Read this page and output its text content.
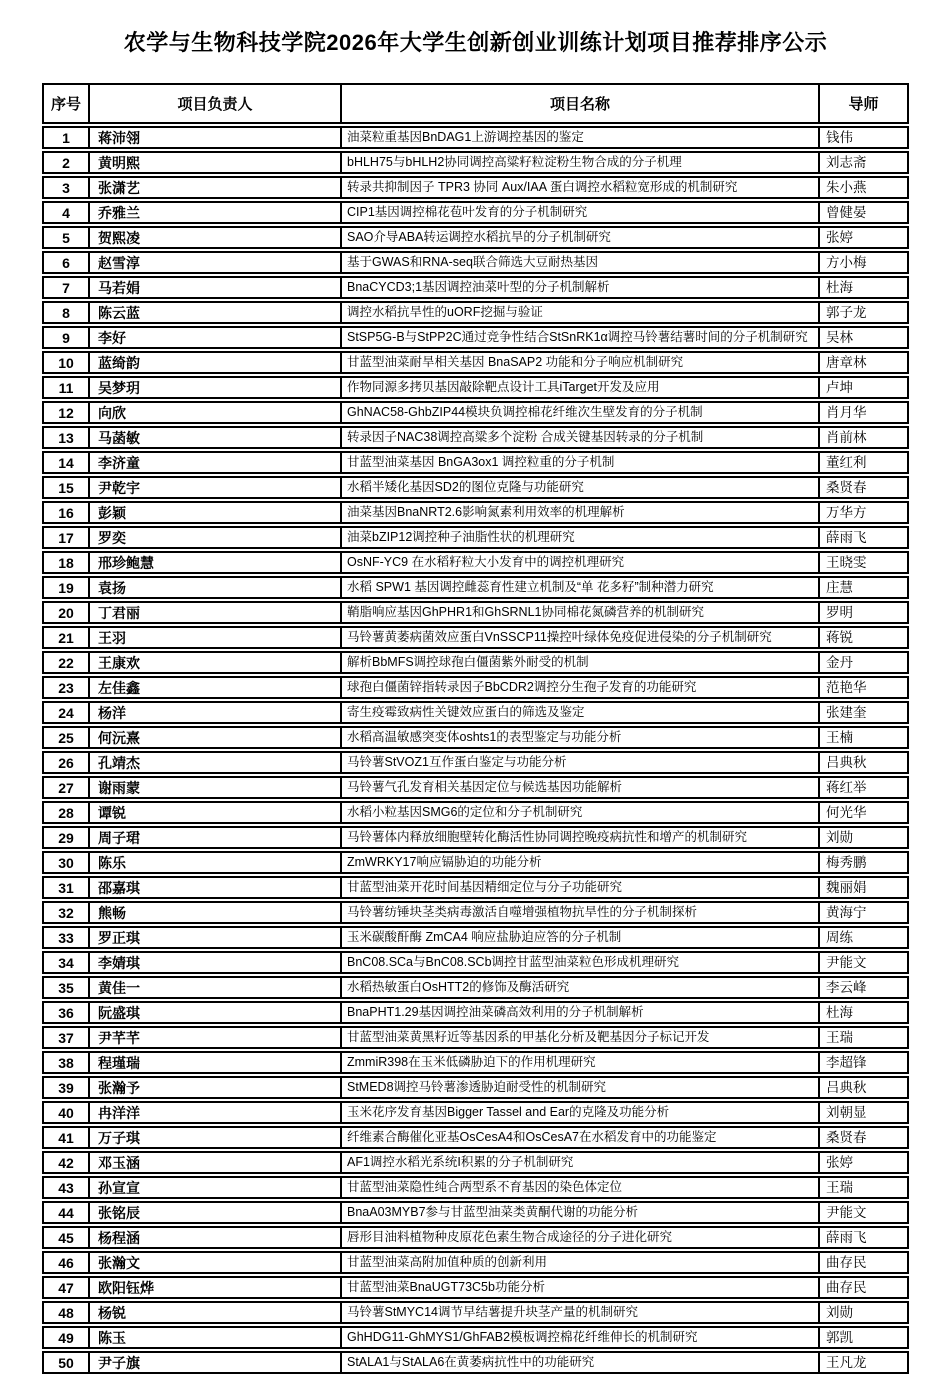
农学与生物科技学院2026年大学生创新创业训练计划项目推荐排序公示
序号	项目负责人	项目名称	导师
1	蒋沛翎	油菜粒重基因BnDAG1上游调控基因的鉴定	钱伟
2	黄明熙	bHLH75与bHLH2协同调控高粱籽粒淀粉生物合成的分子机理	刘志斋
3	张潇艺	转录共抑制因子 TPR3 协同 Aux/IAA 蛋白调控水稻粒宽形成的机制研究	朱小燕
4	乔雅兰	CIP1基因调控棉花苞叶发育的分子机制研究	曾健晏
5	贺熙凌	SAO介导ABA转运调控水稻抗旱的分子机制研究	张婷
6	赵雪淳	基于GWAS和RNA-seq联合筛选大豆耐热基因	方小梅
7	马若娟	BnaCYCD3;1基因调控油菜叶型的分子机制解析	杜海
8	陈云蓝	调控水稻抗旱性的uORF挖掘与验证	郭子龙
9	李好	StSP5G-B与StPP2C通过竞争性结合StSnRK1α调控马铃薯结薯时间的分子机制研究	吴林
10	蓝绮韵	甘蓝型油菜耐旱相关基因 BnaSAP2 功能和分子响应机制研究	唐章林
11	吴梦玥	作物同源多拷贝基因敲除靶点设计工具iTarget开发及应用	卢坤
12	向欣	GhNAC58-GhbZIP44模块负调控棉花纤维次生壁发育的分子机制	肖月华
13	马菡敏	转录因子NAC38调控高粱多个淀粉 合成关键基因转录的分子机制	肖前林
14	李济童	甘蓝型油菜基因 BnGA3ox1 调控粒重的分子机制	董红利
15	尹乾宇	水稻半矮化基因SD2的图位克隆与功能研究	桑贤春
16	彭颖	油菜基因BnaNRT2.6影响氮素利用效率的机理解析	万华方
17	罗奕	油菜bZIP12调控种子油脂性状的机理研究	薛雨飞
18	邢珍鲍慧	OsNF-YC9 在水稻籽粒大小发育中的调控机理研究	王晓雯
19	袁扬	水稻 SPW1 基因调控雌蕊育性建立机制及“单 花多籽”制种潜力研究	庄慧
20	丁君丽	鞘脂响应基因GhPHR1和GhSRNL1协同棉花氮磷营养的机制研究	罗明
21	王羽	马铃薯黄萎病菌效应蛋白VnSSCP11操控叶绿体免疫促进侵染的分子机制研究	蒋锐
22	王康欢	解析BbMFS调控球孢白僵菌紫外耐受的机制	金丹
23	左佳鑫	球孢白僵菌锌指转录因子BbCDR2调控分生孢子发育的功能研究	范艳华
24	杨洋	寄生疫霉致病性关键效应蛋白的筛选及鉴定	张建奎
25	何沅熹	水稻高温敏感突变体oshts1的表型鉴定与功能分析	王楠
26	孔靖杰	马铃薯StVOZ1互作蛋白鉴定与功能分析	吕典秋
27	谢雨蒙	马铃薯气孔发育相关基因定位与候选基因功能解析	蒋红举
28	谭锐	水稻小粒基因SMG6的定位和分子机制研究	何光华
29	周子珺	马铃薯体内释放细胞壁转化酶活性协同调控晚疫病抗性和增产的机制研究	刘勋
30	陈乐	ZmWRKY17响应镉胁迫的功能分析	梅秀鹏
31	邵嘉琪	甘蓝型油菜开花时间基因精细定位与分子功能研究	魏丽娟
32	熊畅	马铃薯纺锤块茎类病毒激活自噬增强植物抗旱性的分子机制探析	黄海宁
33	罗正琪	玉米碳酸酐酶 ZmCA4 响应盐胁迫应答的分子机制	周练
34	李婧琪	BnC08.SCa与BnC08.SCb调控甘蓝型油菜粒色形成机理研究	尹能文
35	黄佳一	水稻热敏蛋白OsHTT2的修饰及酶活研究	李云峰
36	阮盛琪	BnaPHT1.29基因调控油菜磷高效利用的分子机制解析	杜海
37	尹芊芊	甘蓝型油菜黄黑籽近等基因系的甲基化分析及靶基因分子标记开发	王瑞
38	程瑾瑞	ZmmiR398在玉米低磷胁迫下的作用机理研究	李超锋
39	张瀚予	StMED8调控马铃薯渗透胁迫耐受性的机制研究	吕典秋
40	冉洋洋	玉米花序发育基因Bigger Tassel and Ear的克隆及功能分析	刘朝显
41	万子琪	纤维素合酶催化亚基OsCesA4和OsCesA7在水稻发育中的功能鉴定	桑贤春
42	邓玉涵	AF1调控水稻光系统I积累的分子机制研究	张婷
43	孙宣宣	甘蓝型油菜隐性纯合两型系不育基因的染色体定位	王瑞
44	张铭辰	BnaA03MYB7参与甘蓝型油菜类黄酮代谢的功能分析	尹能文
45	杨程涵	唇形目油料植物种皮原花色素生物合成途径的分子进化研究	薛雨飞
46	张瀚文	甘蓝型油菜高附加值种质的创新利用	曲存民
47	欧阳钰烨	甘蓝型油菜BnaUGT73C5b功能分析	曲存民
48	杨锐	马铃薯StMYC14调节早结薯提升块茎产量的机制研究	刘勋
49	陈玉	GhHDG11-GhMYS1/GhFAB2模板调控棉花纤维伸长的机制研究	郭凯
50	尹子旗	StALA1与StALA6在黄萎病抗性中的功能研究	王凡龙
